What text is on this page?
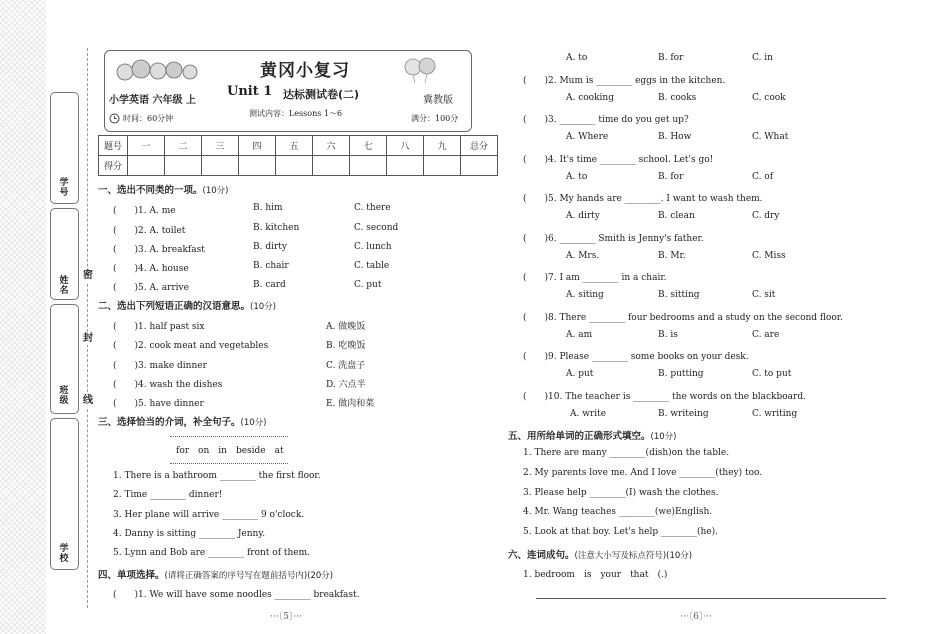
学号
姓名
班级
学校
密
封
线
黄冈小复习
小学英语 六年级 上
Unit 1 达标测试卷(二)	冀教版
时间：60分钟
测试内容：Lessons 1～6
满分：100分
题号	一	二	三	四	五	六	七	八	九	总分
得分										
一、选出不同类的一项。(10分)
(　　)1. A. me	B. him	C. there
(　　)2. A. toilet	B. kitchen	C. second
(　　)3. A. breakfast	B. dirty	C. lunch
(　　)4. A. house	B. chair	C. table
(　　)5. A. arrive	B. card	C. put
二、选出下列短语正确的汉语意思。(10分)
(　　)1. half past six	A. 做晚饭
(　　)2. cook meat and vegetables	B. 吃晚饭
(　　)3. make dinner	C. 洗盘子
(　　)4. wash the dishes	D. 六点半
(　　)5. have dinner	E. 做肉和菜
三、选择恰当的介词，补全句子。(10分)
for　on　in　beside　at
1. There is a bathroom ________ the first floor.
2. Time ________ dinner!
3. Her plane will arrive ________ 9 o'clock.
4. Danny is sitting ________ Jenny.
5. Lynn and Bob are ________ front of them.
四、单项选择。(请将正确答案的序号写在题前括号内)(20分)
(　　)1. We will have some noodles ________ breakfast.
···〔5〕···
A. to	B. for	C. in
(　　)2. Mum is ________ eggs in the kitchen.
A. cooking	B. cooks	C. cook
(　　)3. ________ time do you get up?
A. Where	B. How	C. What
(　　)4. It's time ________ school. Let's go!
A. to	B. for	C. of
(　　)5. My hands are ________. I want to wash them.
A. dirty	B. clean	C. dry
(　　)6. ________ Smith is Jenny's father.
A. Mrs.	B. Mr.	C. Miss
(　　)7. I am ________ in a chair.
A. siting	B. sitting	C. sit
(　　)8. There ________ four bedrooms and a study on the second floor.
A. am	B. is	C. are
(　　)9. Please ________ some books on your desk.
A. put	B. putting	C. to put
(　　)10. The teacher is ________ the words on the blackboard.
A. write	B. writeing	C. writing
五、用所给单词的正确形式填空。(10分)
1. There are many ________(dish)on the table.
2. My parents love me. And I love ________(they) too.
3. Please help ________(I) wash the clothes.
4. Mr. Wang teaches ________(we)English.
5. Look at that boy. Let's help ________(he).
六、连词成句。(注意大小写及标点符号)(10分)
1. bedroom　is　your　that　(.)
···〔6〕···
